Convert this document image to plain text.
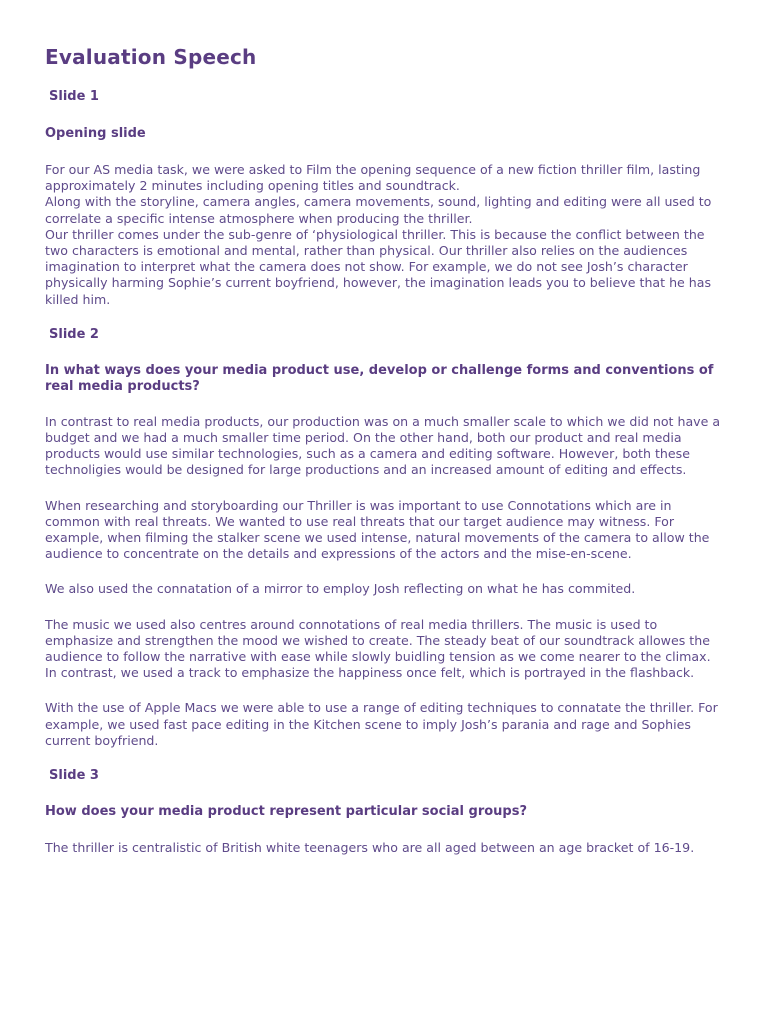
Evaluation Speech

Slide 1

Opening slide

For our AS media task, we were asked to Film the opening sequence of a new fiction thriller film, lasting approximately 2 minutes including opening titles and soundtrack.
Along with the storyline, camera angles, camera movements, sound, lighting and editing were all used to correlate a specific intense atmosphere when producing the thriller.
Our thriller comes under the sub-genre of ‘physiological thriller. This is because the conflict between the two characters is emotional and mental, rather than physical. Our thriller also relies on the audiences imagination to interpret what the camera does not show. For example, we do not see Josh’s character physically harming Sophie’s current boyfriend, however, the imagination leads you to believe that he has killed him.

Slide 2

In what ways does your media product use, develop or challenge forms and conventions of real media products?

In contrast to real media products, our production was on a much smaller scale to which we did not have a budget and we had a much smaller time period. On the other hand, both our product and real media products would use similar technologies, such as a camera and editing software. However, both these technoligies would be designed for large productions and an increased amount of editing and effects.

When researching and storyboarding our Thriller is was important to use Connotations which are in common with real threats. We wanted to use real threats that our target audience may witness. For example, when filming the stalker scene we used intense, natural movements of the camera to allow the audience to concentrate on the details and expressions of the actors and the mise-en-scene.

We also used the connatation of a mirror to employ Josh reflecting on what he has commited.

The music we used also centres around connotations of real media thrillers. The music is used to emphasize and strengthen the mood we wished to create. The steady beat of our soundtrack allowes the audience to follow the narrative with ease while slowly buidling tension as we come nearer to the climax. In contrast, we used a track to emphasize the happiness once felt, which is portrayed in the flashback.

With the use of Apple Macs we were able to use a range of editing techniques to connatate the thriller. For example, we used fast pace editing in the Kitchen scene to imply Josh’s parania and rage and Sophies current boyfriend.

Slide 3

How does your media product represent particular social groups?

The thriller is centralistic of British white teenagers who are all aged between an age bracket of 16-19.
